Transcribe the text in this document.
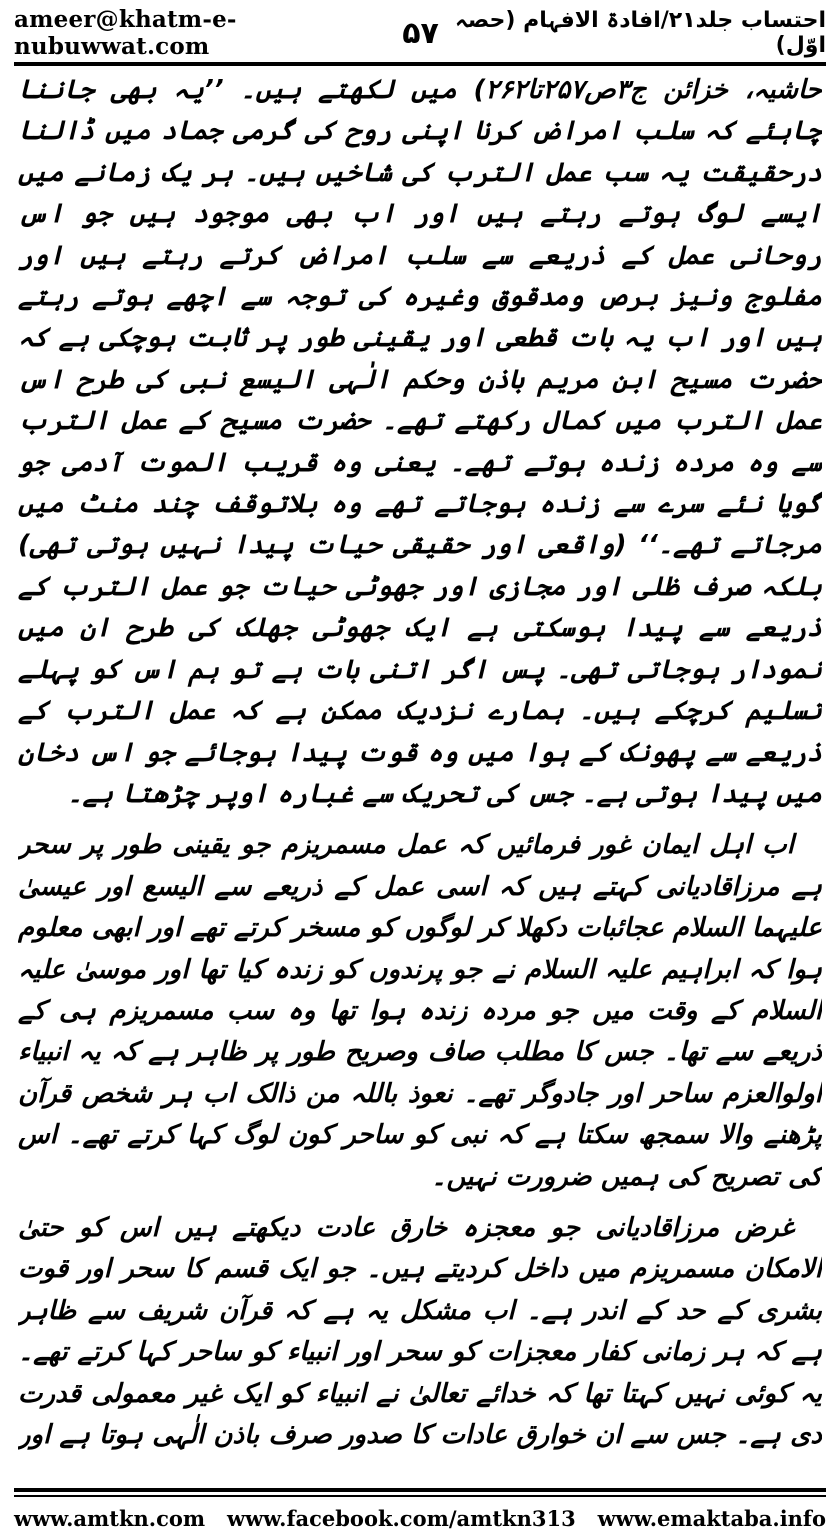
ameer@khatm-e-nubuwwat.com	۵۷ احتساب جلد۲۱/افادۃ الافہام (حصہ اوّل)

حاشیہ، خزائن ج۳ص۲۵۷تا۲۶۲) میں لکھتے ہیں۔ ’’یہ بھی جاننا چاہئے کہ سلب امراض کرنا اپنی روح کی گرمی جماد میں ڈالنا درحقیقت یہ سب عمل الترب کی شاخیں ہیں۔ ہر یک زمانے میں ایسے لوگ ہوتے رہتے ہیں اور اب بھی موجود ہیں جو اس روحانی عمل کے ذریعے سے سلب امراض کرتے رہتے ہیں اور مفلوج ونیز برص ومدقوق وغیرہ کی توجہ سے اچھے ہوتے رہتے ہیں اور اب یہ بات قطعی اور یقینی طور پر ثابت ہوچکی ہے کہ حضرت مسیح ابن مریم باذن وحکم الٰہی الیسع نبی کی طرح اس عمل الترب میں کمال رکھتے تھے۔ حضرت مسیح کے عمل الترب سے وہ مردہ زندہ ہوتے تھے۔ یعنی وہ قریب الموت آدمی جو گویا نئے سرے سے زندہ ہوجاتے تھے وہ بلاتوقف چند منٹ میں مرجاتے تھے۔‘‘ (واقعی اور حقیقی حیات پیدا نہیں ہوتی تھی) بلکہ صرف ظلی اور مجازی اور جھوٹی حیات جو عمل الترب کے ذریعے سے پیدا ہوسکتی ہے ایک جھوٹی جھلک کی طرح ان میں نمودار ہوجاتی تھی۔ پس اگر اتنی بات ہے تو ہم اس کو پہلے تسلیم کرچکے ہیں۔ ہمارے نزدیک ممکن ہے کہ عمل الترب کے ذریعے سے پھونک کے ہوا میں وہ قوت پیدا ہوجائے جو اس دخان میں پیدا ہوتی ہے۔ جس کی تحریک سے غبارہ اوپر چڑھتا ہے۔

اب اہل ایمان غور فرمائیں کہ عمل مسمریزم جو یقینی طور پر سحر ہے مرزاقادیانی کہتے ہیں کہ اسی عمل کے ذریعے سے الیسع اور عیسیٰ علیہما السلام عجائبات دکھلا کر لوگوں کو مسخر کرتے تھے اور ابھی معلوم ہوا کہ ابراہیم علیہ السلام نے جو پرندوں کو زندہ کیا تھا اور موسیٰ علیہ السلام کے وقت میں جو مردہ زندہ ہوا تھا وہ سب مسمریزم ہی کے ذریعے سے تھا۔ جس کا مطلب صاف وصریح طور پر ظاہر ہے کہ یہ انبیاء اولوالعزم ساحر اور جادوگر تھے۔ نعوذ باللہ من ذالک اب ہر شخص قرآن پڑھنے والا سمجھ سکتا ہے کہ نبی کو ساحر کون لوگ کہا کرتے تھے۔ اس کی تصریح کی ہمیں ضرورت نہیں۔

غرض مرزاقادیانی جو معجزہ خارق عادت دیکھتے ہیں اس کو حتیٰ الامکان مسمریزم میں داخل کردیتے ہیں۔ جو ایک قسم کا سحر اور قوت بشری کے حد کے اندر ہے۔ اب مشکل یہ ہے کہ قرآن شریف سے ظاہر ہے کہ ہر زمانی کفار معجزات کو سحر اور انبیاء کو ساحر کہا کرتے تھے۔ یہ کوئی نہیں کہتا تھا کہ خدائے تعالیٰ نے انبیاء کو ایک غیر معمولی قدرت دی ہے۔ جس سے ان خوارق عادات کا صدور صرف باذن الٰہی ہوتا ہے اور

www.amtkn.com www.facebook.com/amtkn313 www.emaktaba.info
